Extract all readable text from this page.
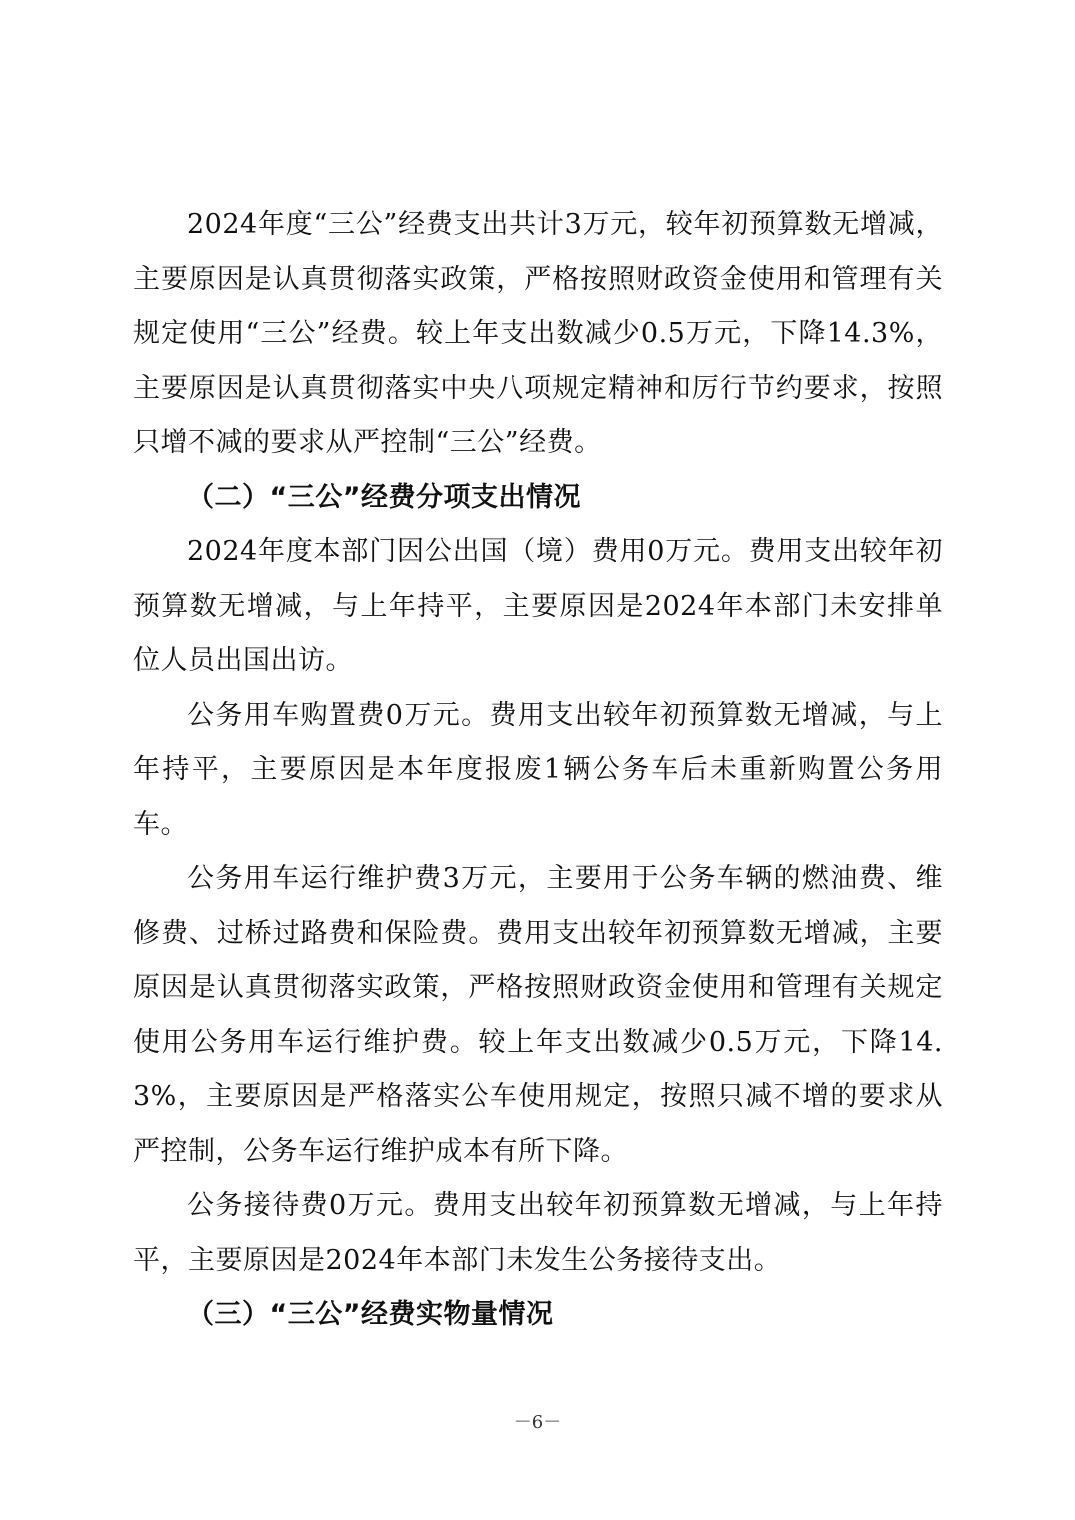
2024年度“三公”经费支出共计3万元，较年初预算数无增减，主要原因是认真贯彻落实政策，严格按照财政资金使用和管理有关规定使用“三公”经费。较上年支出数减少0.5万元，下降14.3%，主要原因是认真贯彻落实中央八项规定精神和厉行节约要求，按照只增不减的要求从严控制“三公”经费。

（二）“三公”经费分项支出情况

2024年度本部门因公出国（境）费用0万元。费用支出较年初预算数无增减，与上年持平，主要原因是2024年本部门未安排单位人员出国出访。

公务用车购置费0万元。费用支出较年初预算数无增减，与上年持平，主要原因是本年度报废1辆公务车后未重新购置公务用车。

公务用车运行维护费3万元，主要用于公务车辆的燃油费、维修费、过桥过路费和保险费。费用支出较年初预算数无增减，主要原因是认真贯彻落实政策，严格按照财政资金使用和管理有关规定使用公务用车运行维护费。较上年支出数减少0.5万元，下降14.3%，主要原因是严格落实公车使用规定，按照只减不增的要求从严控制，公务车运行维护成本有所下降。

公务接待费0万元。费用支出较年初预算数无增减，与上年持平，主要原因是2024年本部门未发生公务接待支出。

（三）“三公”经费实物量情况

－6－
